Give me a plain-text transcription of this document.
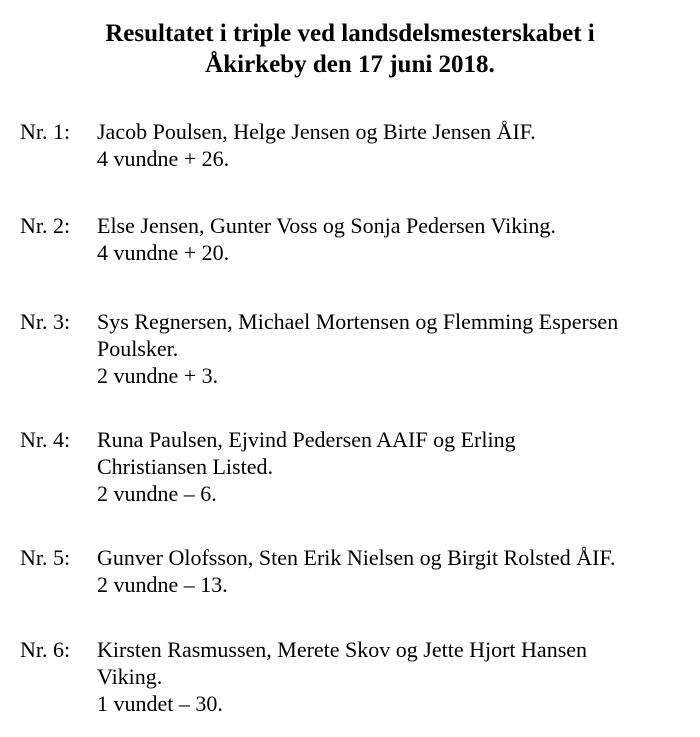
Resultatet i triple ved landsdelsmesterskabet i
Åkirkeby den 17 juni 2018.
Nr. 1:	Jacob Poulsen, Helge Jensen og Birte Jensen ÅIF.
4 vundne + 26.
Nr. 2:	Else Jensen, Gunter Voss og Sonja Pedersen Viking.
4 vundne + 20.
Nr. 3:	Sys Regnersen, Michael Mortensen og Flemming Espersen
Poulsker.
2 vundne + 3.
Nr. 4:	Runa Paulsen, Ejvind Pedersen AAIF og Erling
Christiansen Listed.
2 vundne – 6.
Nr. 5:	Gunver Olofsson, Sten Erik Nielsen og Birgit Rolsted ÅIF.
2 vundne – 13.
Nr. 6:	Kirsten Rasmussen, Merete Skov og Jette Hjort Hansen
Viking.
1 vundet – 30.
